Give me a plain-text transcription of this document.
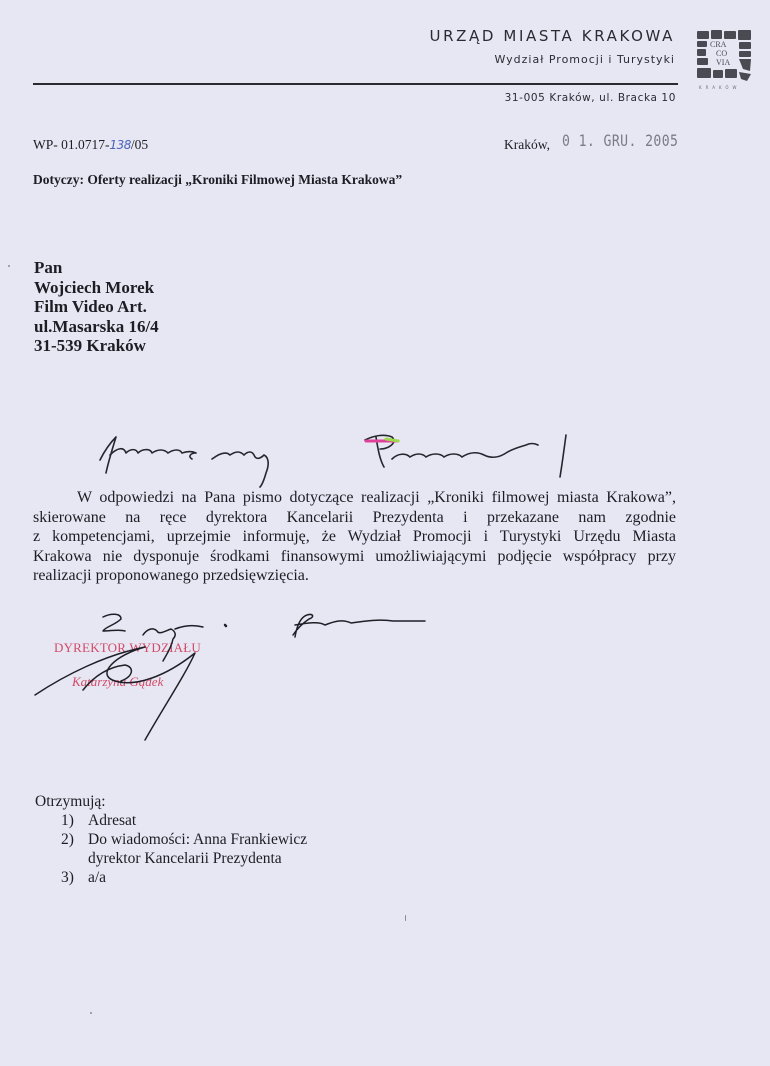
URZĄD MIASTA KRAKOWA
Wydział Promocji i Turystyki
31-005 Kraków, ul. Bracka 10
CRA
CO
VIA
KRAKÓW
WP- 01.0717-138/05	Kraków, 0 1. GRU. 2005
Dotyczy: Oferty realizacji „Kroniki Filmowej Miasta Krakowa”
Pan
Wojciech Morek
Film Video Art.
ul.Masarska 16/4
31-539 Kraków
W odpowiedzi na Pana pismo dotyczące realizacji „Kroniki filmowej miasta Krakowa”,
skierowane na ręce dyrektora Kancelarii Prezydenta i przekazane nam zgodnie
z kompetencjami, uprzejmie informuję, że Wydział Promocji i Turystyki Urzędu Miasta
Krakowa nie dysponuje środkami finansowymi umożliwiającymi podjęcie współpracy przy
realizacji proponowanego przedsięwzięcia.
DYREKTOR WYDZIAŁU
Katarzyna Gądek
Otrzymują:
1) Adresat
2) Do wiadomości: Anna Frankiewicz
dyrektor Kancelarii Prezydenta
3) a/a
